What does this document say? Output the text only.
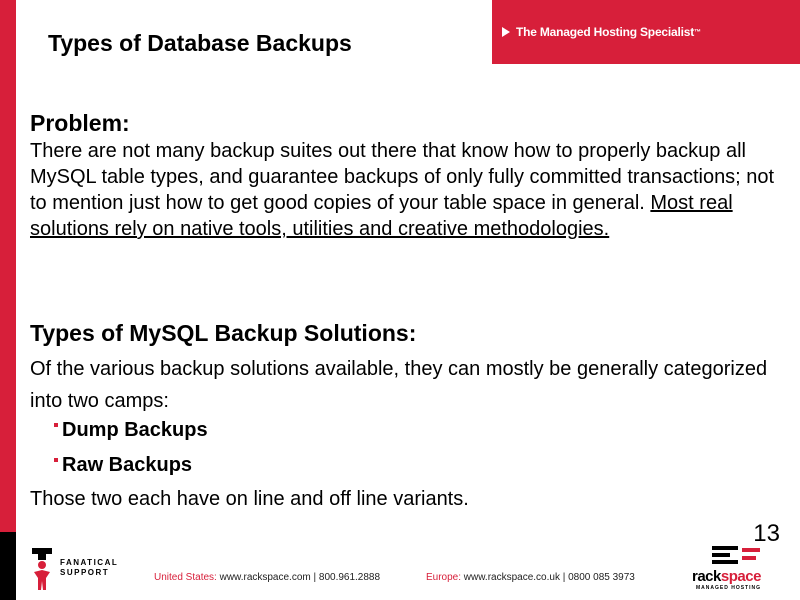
The Managed Hosting Specialist ™
Types of Database Backups

Problem:

There are not many backup suites out there that know how to properly backup all MySQL table types, and guarantee backups of only fully committed transactions; not to mention just how to get good copies of your table space in general. Most real solutions rely on native tools, utilities and creative methodologies.

Types of MySQL Backup Solutions:

Of the various backup solutions available, they can mostly be generally categorized into two camps:

Dump Backups
Raw Backups

Those two each have on line and off line variants.

13
FANATICAL
SUPPORT	United States: www.rackspace.com | 800.961.2888	Europe: www.rackspace.co.uk | 0800 085 3973	rackspace
MANAGED HOSTING
